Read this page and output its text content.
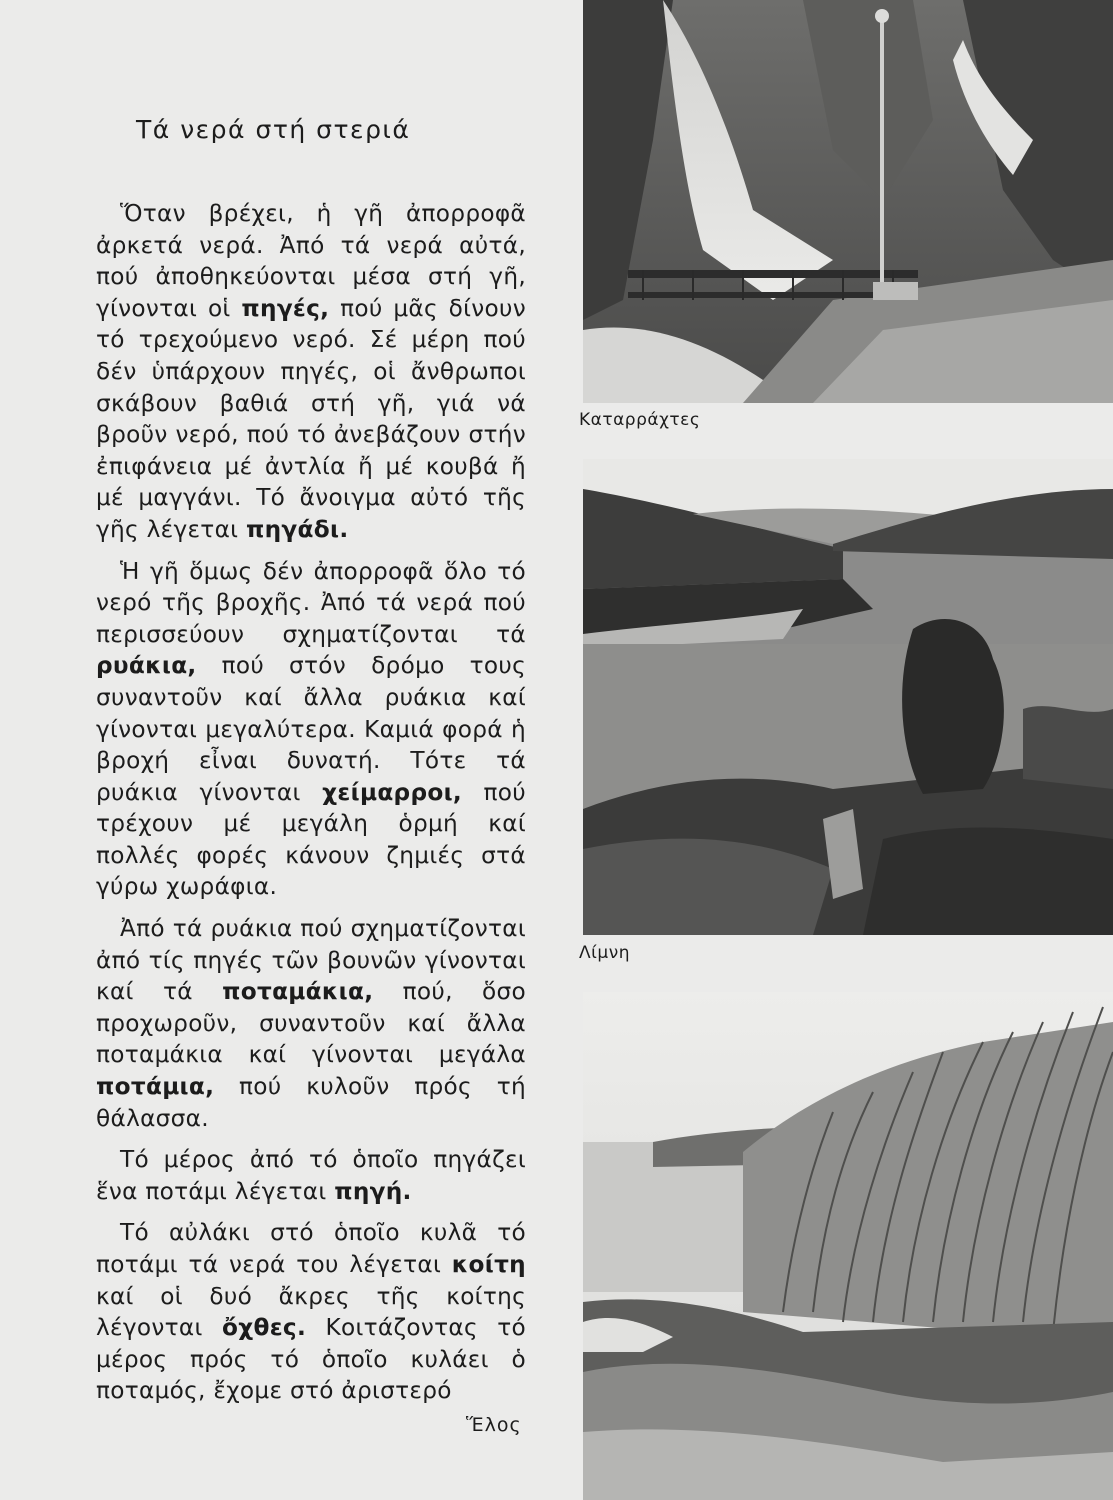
Τά νερά στή στεριά

Ὅταν βρέχει, ἡ γῆ ἀπορροφᾶ ἀρκετά νερά. Ἀπό τά νερά αὐτά, πού ἀποθηκεύονται μέσα στή γῆ, γίνονται οἱ πηγές, πού μᾶς δίνουν τό τρεχούμενο νερό. Σέ μέρη πού δέν ὑπάρχουν πηγές, οἱ ἄνθρωποι σκάβουν βαθιά στή γῆ, γιά νά βροῦν νερό, πού τό ἀνεβάζουν στήν ἐπιφάνεια μέ ἀντλία ἤ μέ κουβά ἤ μέ μαγγάνι. Τό ἄνοιγμα αὐτό τῆς γῆς λέγεται πηγάδι.

Ἡ γῆ ὅμως δέν ἀπορροφᾶ ὅλο τό νερό τῆς βροχῆς. Ἀπό τά νερά πού περισσεύουν σχηματίζονται τά ρυάκια, πού στόν δρόμο τους συναντοῦν καί ἄλλα ρυάκια καί γίνονται μεγαλύτερα. Καμιά φορά ἡ βροχή εἶναι δυνατή. Τότε τά ρυάκια γίνονται χείμαρροι, πού τρέχουν μέ μεγάλη ὁρμή καί πολλές φορές κάνουν ζημιές στά γύρω χωράφια.

Ἀπό τά ρυάκια πού σχηματίζονται ἀπό τίς πηγές τῶν βουνῶν γίνονται καί τά ποταμάκια, πού, ὅσο προχωροῦν, συναντοῦν καί ἄλλα ποταμάκια καί γίνονται μεγάλα ποτάμια, πού κυλοῦν πρός τή θάλασσα.

Τό μέρος ἀπό τό ὁποῖο πηγάζει ἕνα ποτάμι λέγεται πηγή.

Τό αὐλάκι στό ὁποῖο κυλᾶ τό ποτάμι τά νερά του λέγεται κοίτη καί οἱ δυό ἄκρες τῆς κοίτης λέγονται ὄχθες. Κοιτάζοντας τό μέρος πρός τό ὁποῖο κυλάει ὁ ποταμός, ἔχομε στό ἀριστερό

Ἕλος
Καταρράχτες
Λίμνη
